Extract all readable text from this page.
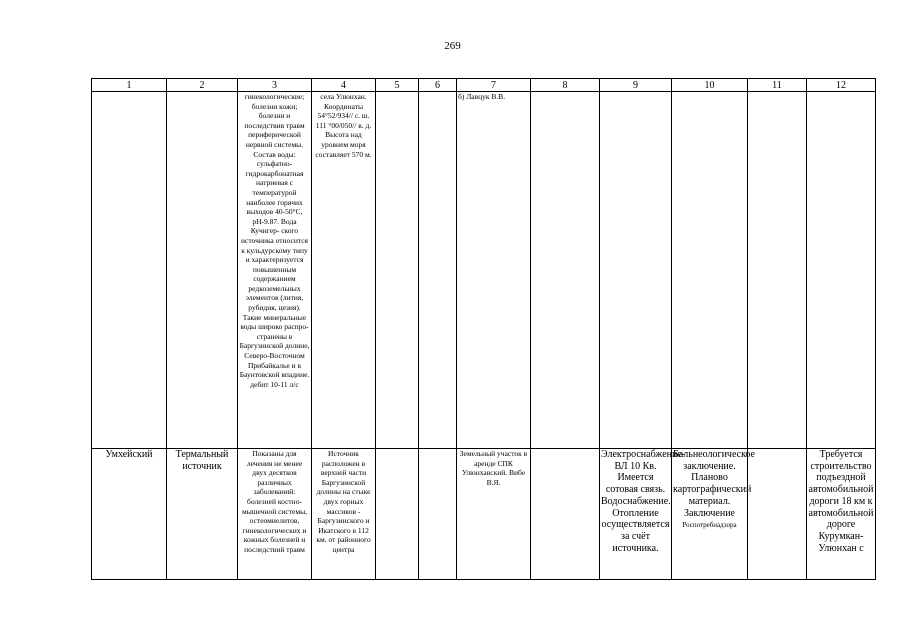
269
1	2	3	4	5	6	7	8	9	10	11	12
		гинекологические; болезни кожи; болезни и последствия травм периферической нервной системы. Состав воды: сульфатно-гидрокарбонатная натриевая с температурой наиболее горячих выходов 40-50°С, рН-9.87. Вода Кучигер- ского источника относится к кульдурскому типу и характеризуется повышенным содержанием редкоземельных элементов (лития, рубидия, цезия). Такие минеральные воды широко распро-странены в Баргузинской долине, Северо-Восточном Прибайкалье и в Баунтовской впадине. дебит 10-11 л/с	села Улюнхан. Координаты 54°52/934// с. ш. 111 °00/050// в. д. Высота над уровнем моря составляет 570 м.			б) Лавцук В.В.					
Умхейский	Термальный источник	Показаны для лечения не менее двух десятков различных заболеваний: болезней костно-мышечной системы, остеомиелитов, гинекологических и кожных болезней и последствий травм	Источник расположен в верхней части Баргузинской долины на стыке двух горных массивов - Баргузинского и Икатского в 112 км. от районного центра			Земельный участок в аренде СПК Улюнхавский. Вибе В.Я.		Электроснабжение- ВЛ 10 Кв. Имеется сотовая связь. Водоснабжение. Отопление осуществляется за счёт источника.	Бальнеологическое заключение. Планово картографический материал. Заключение Роспотребнадзора		Требуется строительство подъездной автомобильной дороги 18 км к автомобильной дороге Курумкан-Улюнхан с
